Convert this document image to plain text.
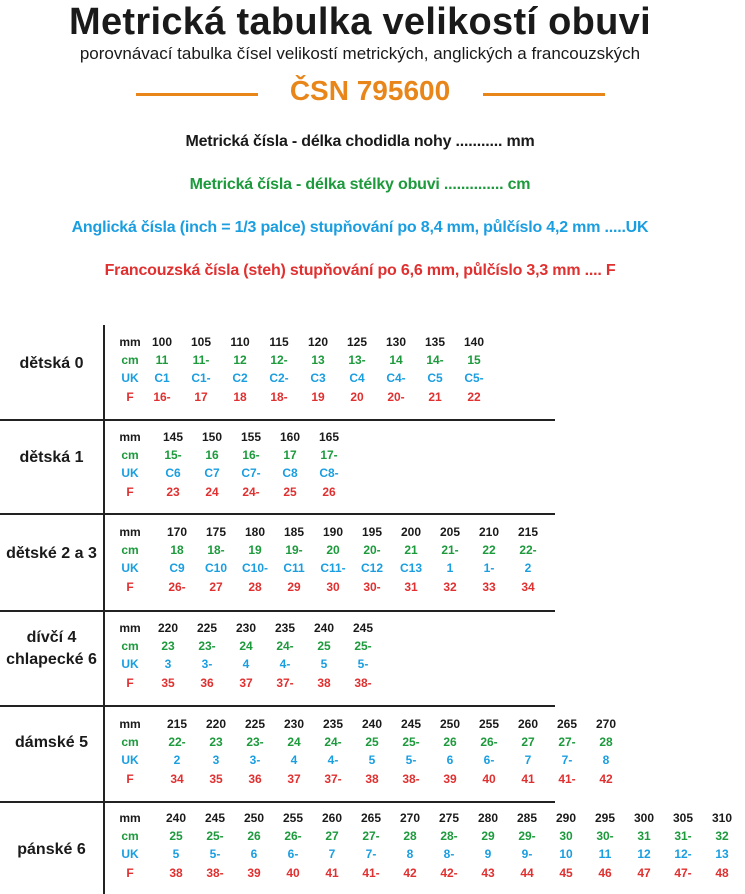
Metrická tabulka velikostí obuvi
porovnávací tabulka čísel velikostí metrických, anglických a francouzských
ČSN 795600
Metrická čísla - délka chodidla nohy ........... mm
Metrická čísla - délka stélky obuvi .............. cm
Anglická čísla (inch = 1/3 palce) stupňování po 8,4 mm, půlčíslo 4,2 mm .....UK
Francouzská čísla (steh) stupňování po 6,6 mm, půlčíslo 3,3 mm .... F
dětská 0
mm 100	105	110	115	120	125	130	135	140
cm	11	11-	12	12-	13	13-	14	14-	15
UK	C1	C1-	C2	C2-	C3	C4	C4-	C5	C5-
F	16-	17	18	18-	19	20	20-	21	22
dětská 1
mm	145	150	155	160	165
cm	15-	16	16-	17	17-
UK	C6	C7	C7-	C8	C8-
F	23	24	24-	25	26
dětské 2 a 3
mm	170	175	180	185	190	195	200	205	210	215
cm	18	18-	19	19-	20	20-	21	21-	22	22-
UK	C9	C10	C10-	C11	C11-	C12	C13	1	1-	2
F	26-	27	28	29	30	30-	31	32	33	34
dívčí 4
chlapecké 6
mm	220	225	230	235	240	245
cm	23	23-	24	24-	25	25-
UK	3	3-	4	4-	5	5-
F	35	36	37	37-	38	38-
dámské 5
mm	215	220	225	230	235	240	245	250	255	260	265	270
cm	22-	23	23-	24	24-	25	25-	26	26-	27	27-	28
UK	2	3	3-	4	4-	5	5-	6	6-	7	7-	8
F	34	35	36	37	37-	38	38-	39	40	41	41-	42
pánské 6
mm	240	245	250	255	260	265	270	275	280	285	290	295	300	305	310
cm	25	25-	26	26-	27	27-	28	28-	29	29-	30	30-	31	31-	32
UK	5	5-	6	6-	7	7-	8	8-	9	9-	10	11	12	12-	13
F	38	38-	39	40	41	41-	42	42-	43	44	45	46	47	47-	48
